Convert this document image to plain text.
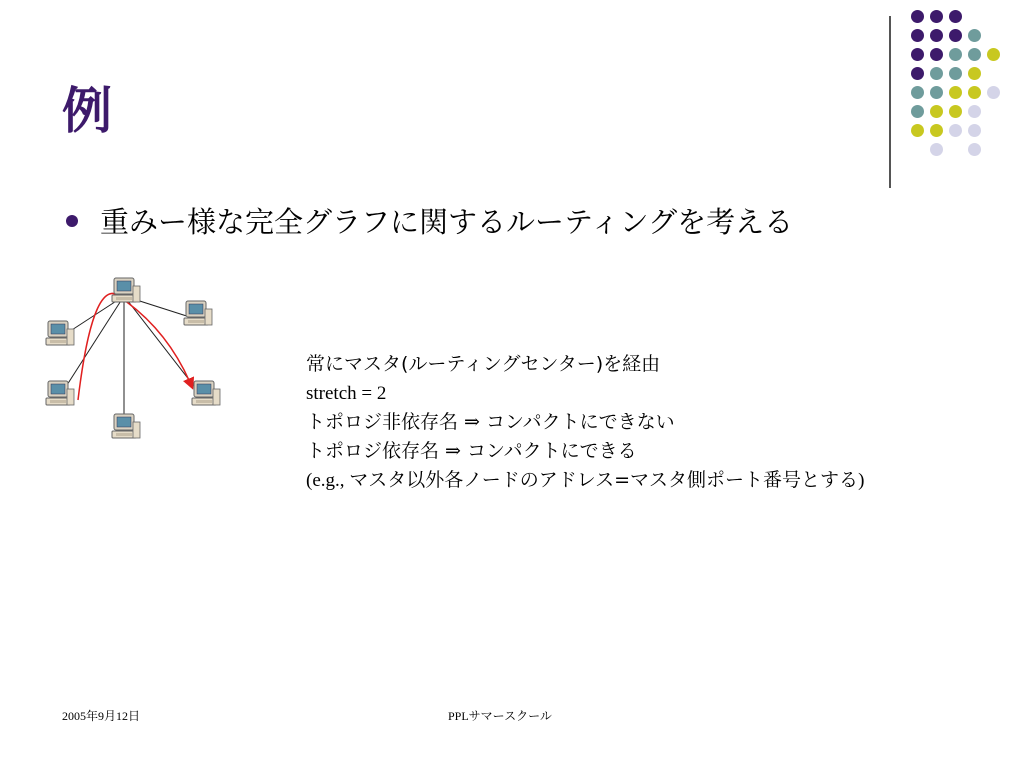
例
重みー様な完全グラフに関するルーティングを考える
常にマスタ(ルーティングセンター)を経由
stretch = 2
トポロジ非依存名 ⇒ コンパクトにできない
トポロジ依存名 ⇒ コンパクトにできる
(e.g., マスタ以外各ノードのアドレス=マスタ側ポート番号とする)
2005年9月12日	PPLサマースクール
